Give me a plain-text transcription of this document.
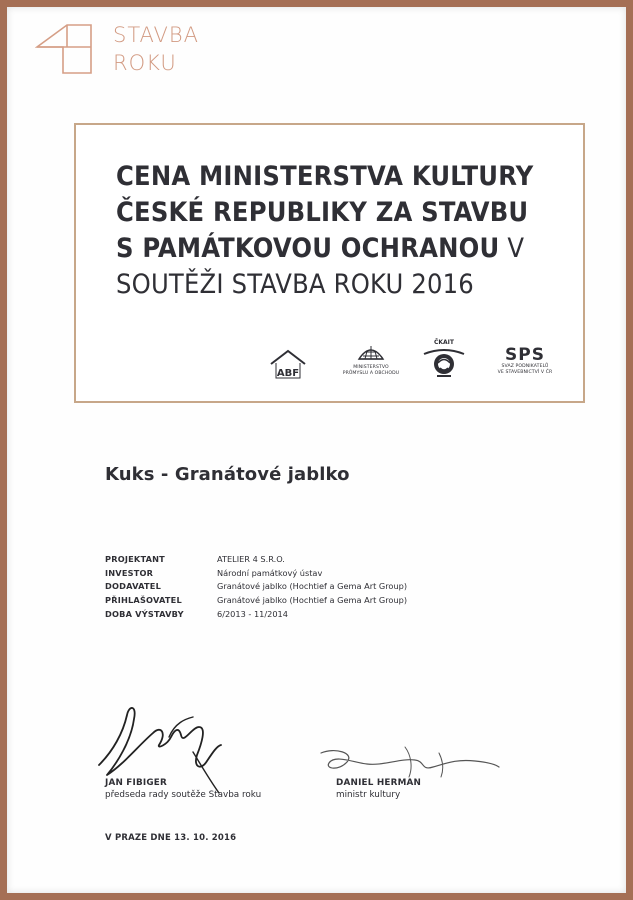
STAVBA
ROKU
CENA MINISTERSTVA KULTURY
ČESKÉ REPUBLIKY ZA STAVBU
S PAMÁTKOVOU OCHRANOU V
SOUTĚŽI STAVBA ROKU 2016
ABF
MINISTERSTVO
PRŮMYSLU A OBCHODU
ČKAIT
SPS
SVAZ PODNIKATELŮ
VE STAVEBNICTVÍ V ČR
Kuks - Granátové jablko
PROJEKTANT	ATELIER 4 S.R.O.
INVESTOR	Národní památkový ústav
DODAVATEL	Granátové jablko (Hochtief a Gema Art Group)
PŘIHLAŠOVATEL	Granátové jablko (Hochtief a Gema Art Group)
DOBA VÝSTAVBY	6/2013 - 11/2014
JAN FIBIGER
předseda rady soutěže Stavba roku
DANIEL HERMAN
ministr kultury
V PRAZE DNE 13. 10. 2016
